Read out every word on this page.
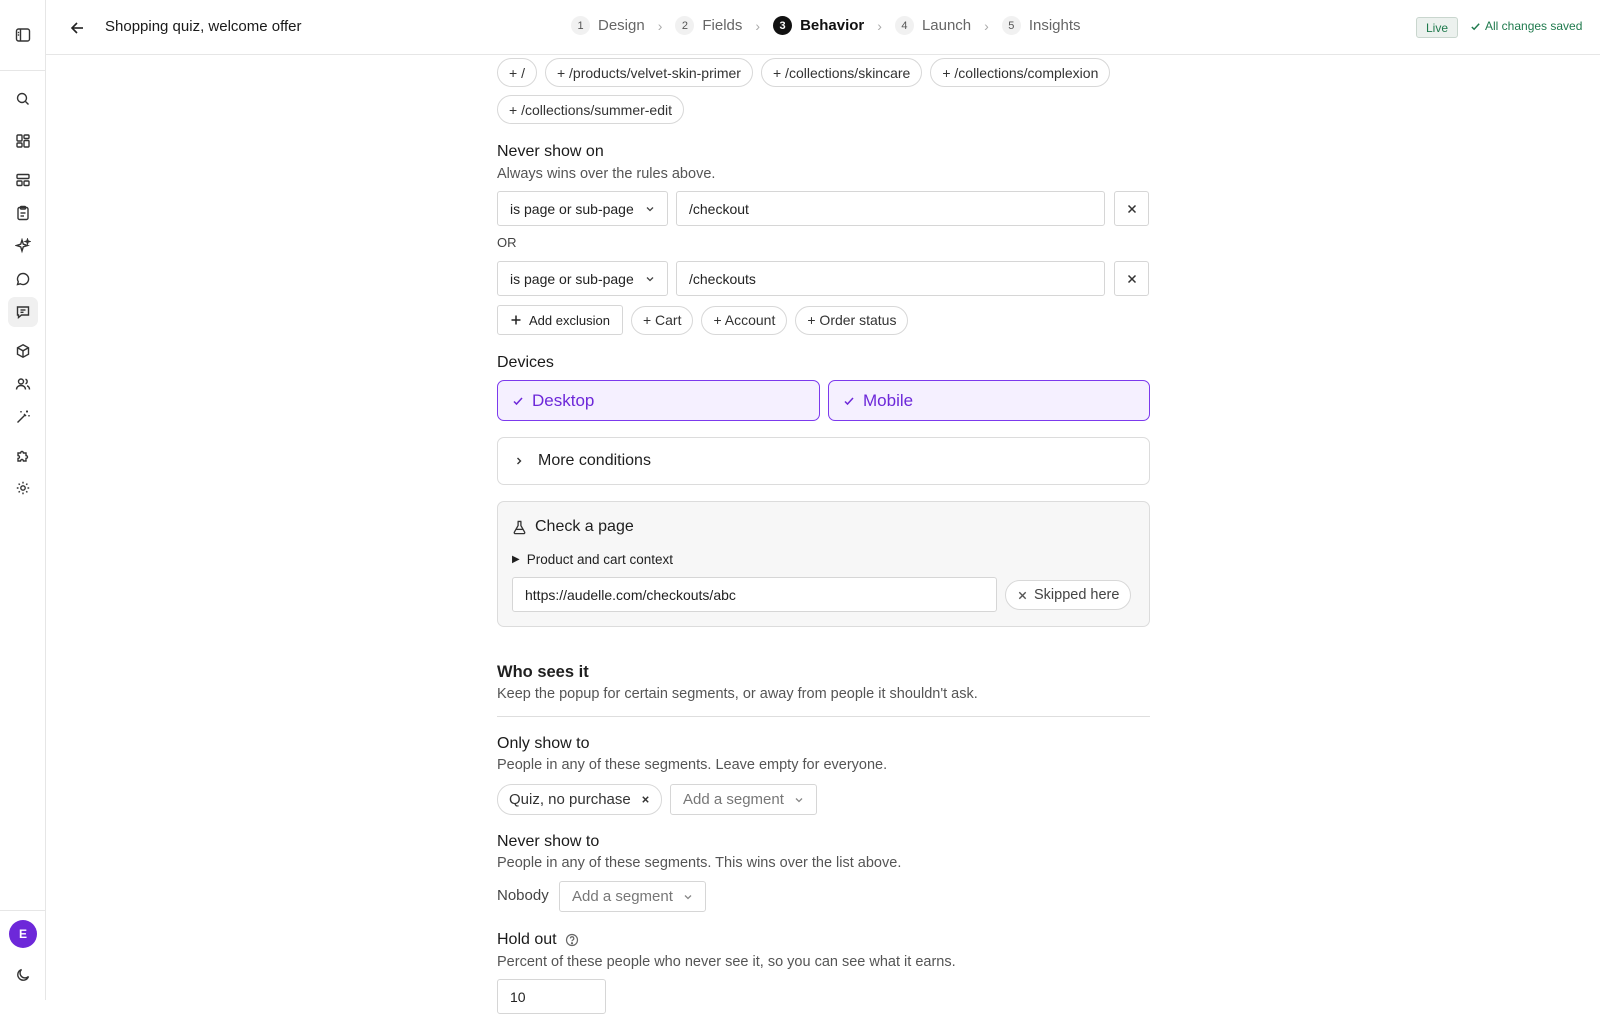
E
Shopping quiz, welcome offer	1 Design ›	2 Fields ›	3 Behavior ›	4 Launch ›	5 Insights	Live	All changes saved
+ /	+ /products/velvet-skin-primer	+ /collections/skincare	+ /collections/complexion
+ /collections/summer-edit
Never show on
Always wins over the rules above.
is page or sub-page	/checkout
OR
is page or sub-page	/checkouts
Add exclusion	+ Cart	+ Account	+ Order status
Devices
Desktop	Mobile
More conditions
Check a page
▶ Product and cart context
https://audelle.com/checkouts/abc	Skipped here
Who sees it
Keep the popup for certain segments, or away from people it shouldn't ask.
Only show to
People in any of these segments. Leave empty for everyone.
Quiz, no purchase	Add a segment
Never show to
People in any of these segments. This wins over the list above.
Nobody Add a segment
Hold out
Percent of these people who never see it, so you can see what it earns.
10
